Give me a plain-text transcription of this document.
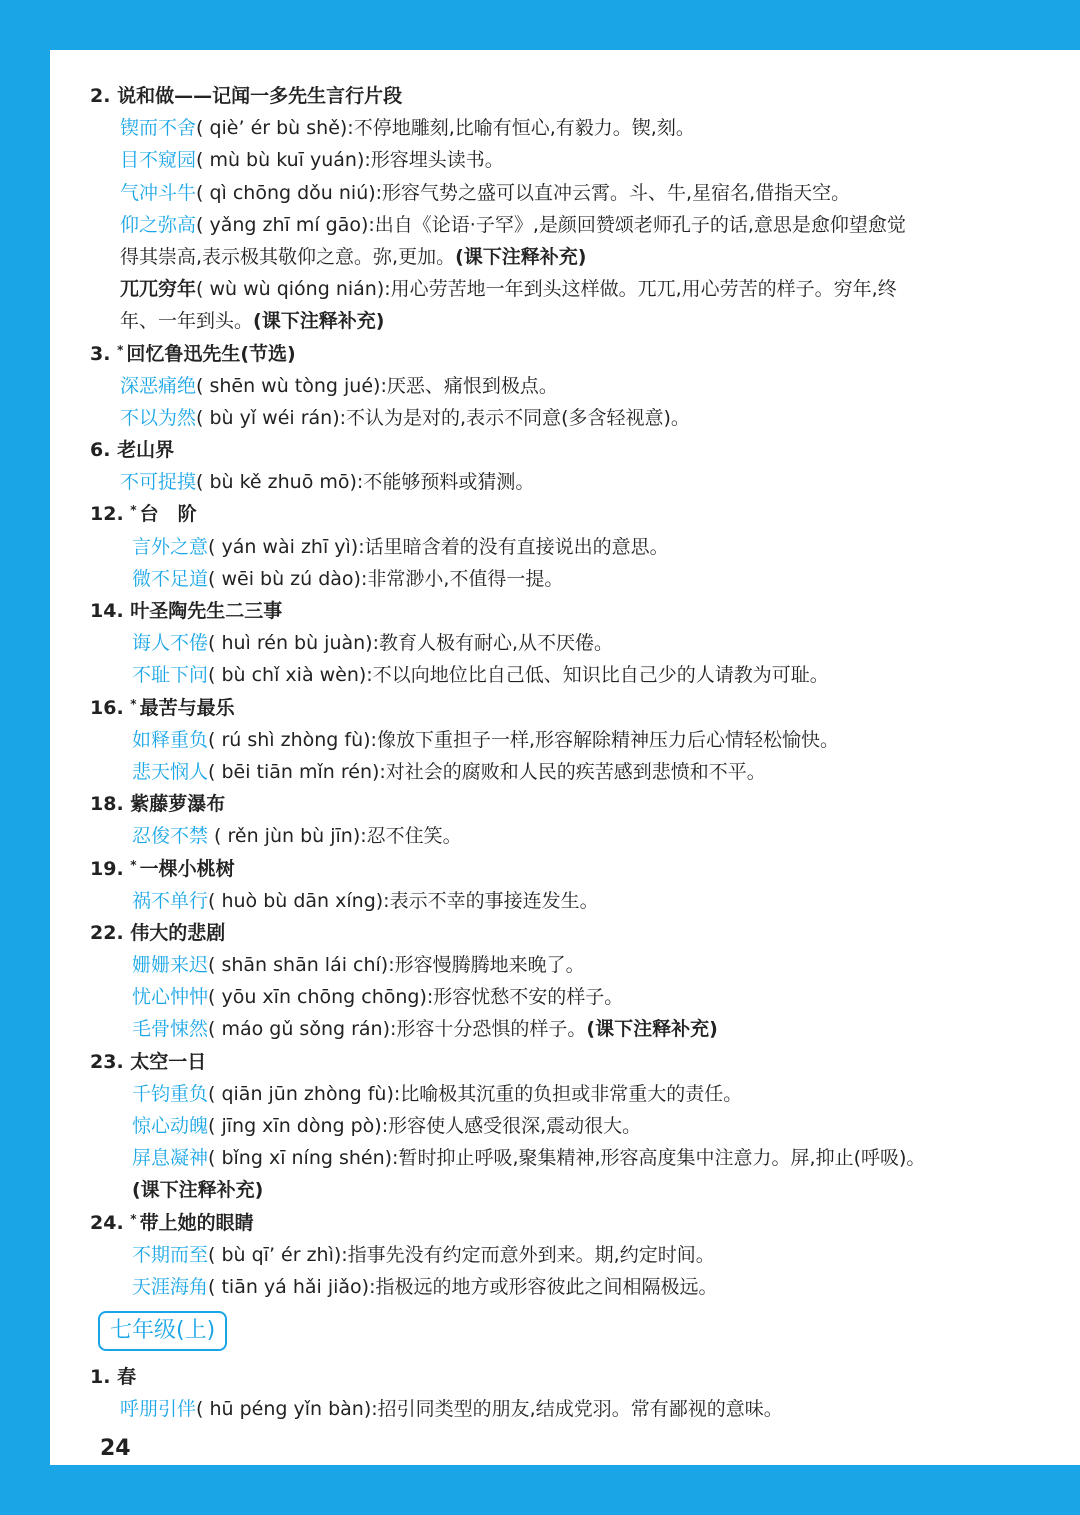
2. 说和做——记闻一多先生言行片段
锲而不舍( qiè’ ér bù shě):不停地雕刻,比喻有恒心,有毅力。锲,刻。
目不窥园( mù bù kuī yuán):形容埋头读书。
气冲斗牛( qì chōng dǒu niú):形容气势之盛可以直冲云霄。斗、牛,星宿名,借指天空。
仰之弥高( yǎng zhī mí gāo):出自《论语·子罕》,是颜回赞颂老师孔子的话,意思是愈仰望愈觉
得其崇高,表示极其敬仰之意。弥,更加。(课下注释补充)
兀兀穷年( wù wù qióng nián):用心劳苦地一年到头这样做。兀兀,用心劳苦的样子。穷年,终
年、一年到头。(课下注释补充)
3. * 回忆鲁迅先生(节选)
深恶痛绝( shēn wù tòng jué):厌恶、痛恨到极点。
不以为然( bù yǐ wéi rán):不认为是对的,表示不同意(多含轻视意)。
6. 老山界
不可捉摸( bù kě zhuō mō):不能够预料或猜测。
12. * 台　阶
言外之意( yán wài zhī yì):话里暗含着的没有直接说出的意思。
微不足道( wēi bù zú dào):非常渺小,不值得一提。
14. 叶圣陶先生二三事
诲人不倦( huì rén bù juàn):教育人极有耐心,从不厌倦。
不耻下问( bù chǐ xià wèn):不以向地位比自己低、知识比自己少的人请教为可耻。
16. * 最苦与最乐
如释重负( rú shì zhòng fù):像放下重担子一样,形容解除精神压力后心情轻松愉快。
悲天悯人( bēi tiān mǐn rén):对社会的腐败和人民的疾苦感到悲愤和不平。
18. 紫藤萝瀑布
忍俊不禁 ( rěn jùn bù jīn):忍不住笑。
19. * 一棵小桃树
祸不单行( huò bù dān xíng):表示不幸的事接连发生。
22. 伟大的悲剧
姗姗来迟( shān shān lái chí):形容慢腾腾地来晚了。
忧心忡忡( yōu xīn chōng chōng):形容忧愁不安的样子。
毛骨悚然( máo gǔ sǒng rán):形容十分恐惧的样子。(课下注释补充)
23. 太空一日
千钧重负( qiān jūn zhòng fù):比喻极其沉重的负担或非常重大的责任。
惊心动魄( jīng xīn dòng pò):形容使人感受很深,震动很大。
屏息凝神( bǐng xī níng shén):暂时抑止呼吸,聚集精神,形容高度集中注意力。屏,抑止(呼吸)。
(课下注释补充)
24. * 带上她的眼睛
不期而至( bù qī’ ér zhì):指事先没有约定而意外到来。期,约定时间。
天涯海角( tiān yá hǎi jiǎo):指极远的地方或形容彼此之间相隔极远。
七年级(上)
1. 春
呼朋引伴( hū péng yǐn bàn):招引同类型的朋友,结成党羽。常有鄙视的意味。
24
